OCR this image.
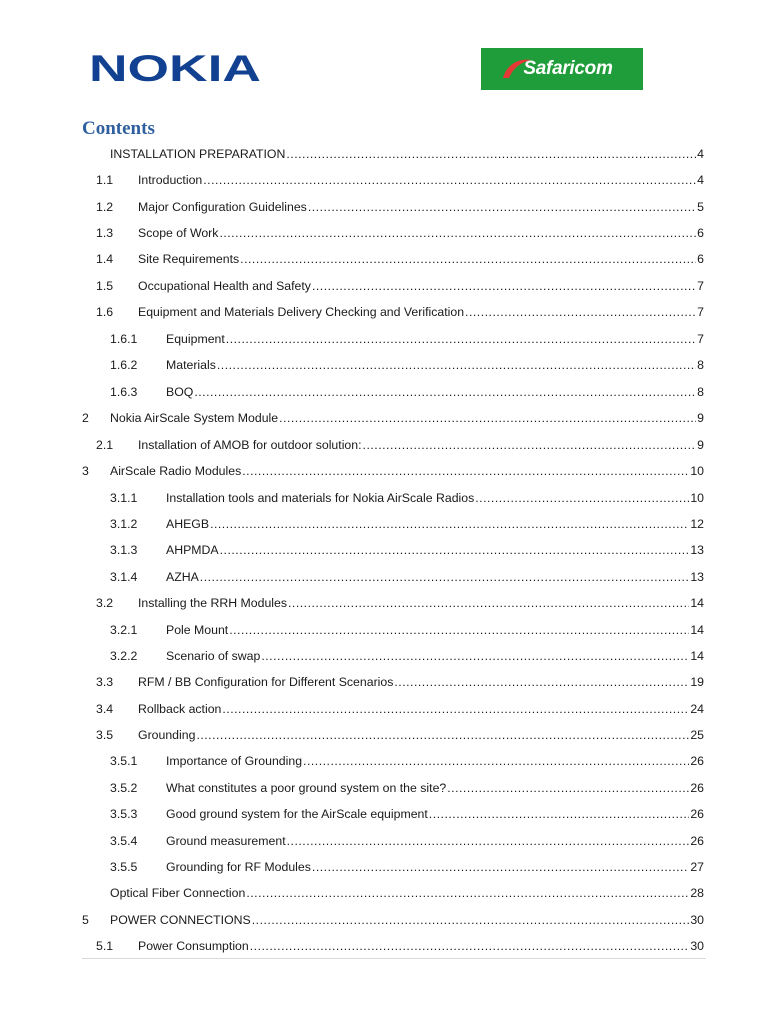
NOKIA	Safaricom
Contents
INSTALLATION PREPARATION .....	4
1.1 Introduction .....	4
1.2 Major Configuration Guidelines .....	5
1.3 Scope of Work .....	6
1.4 Site Requirements .....	6
1.5 Occupational Health and Safety .....	7
1.6 Equipment and Materials Delivery Checking and Verification .....	7
1.6.1 Equipment .....	7
1.6.2 Materials .....	8
1.6.3 BOQ .....	8
2 Nokia AirScale System Module .....	9
2.1 Installation of AMOB for outdoor solution: .....	9
3 AirScale Radio Modules .....	10
3.1.1 Installation tools and materials for Nokia AirScale Radios .....	10
3.1.2 AHEGB .....	12
3.1.3 AHPMDA .....	13
3.1.4 AZHA .....	13
3.2 Installing the RRH Modules .....	14
3.2.1 Pole Mount .....	14
3.2.2 Scenario of swap .....	14
3.3 RFM / BB Configuration for Different Scenarios .....	19
3.4 Rollback action .....	24
3.5 Grounding .....	25
3.5.1 Importance of Grounding .....	26
3.5.2 What constitutes a poor ground system on the site? .....	26
3.5.3 Good ground system for the AirScale equipment .....	26
3.5.4 Ground measurement .....	26
3.5.5 Grounding for RF Modules .....	27
Optical Fiber Connection .....	28
5 POWER CONNECTIONS .....	30
5.1 Power Consumption .....	30
